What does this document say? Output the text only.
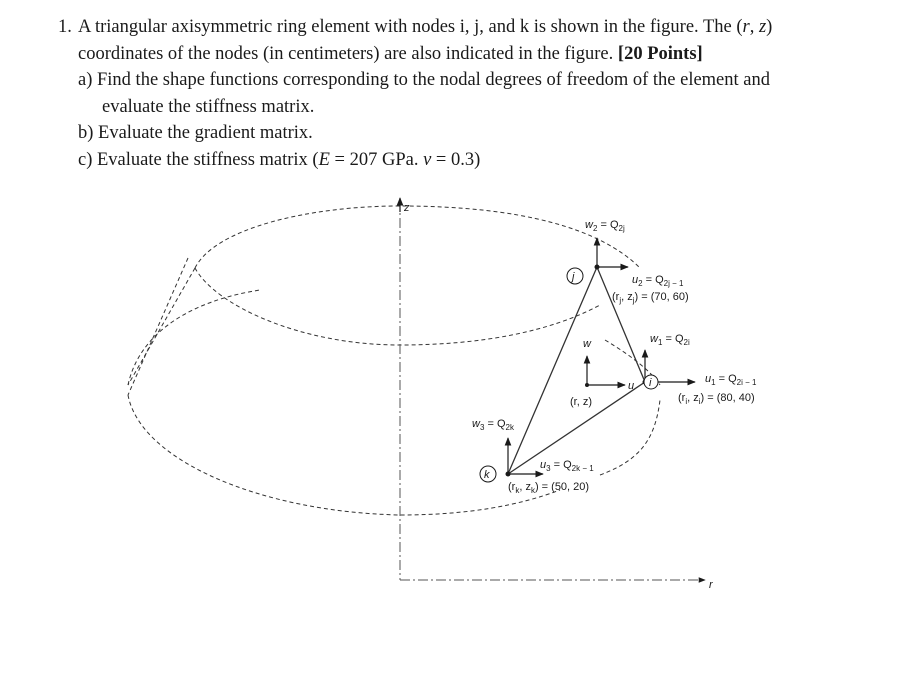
1. A triangular axisymmetric ring element with nodes i, j, and k is shown in the figure. The (r, z)
coordinates of the nodes (in centimeters) are also indicated in the figure. [20 Points]
a) Find the shape functions corresponding to the nodal degrees of freedom of the element and
evaluate the stiffness matrix.
b) Evaluate the gradient matrix.
c) Evaluate the stiffness matrix (E = 207 GPa. v = 0.3)
z
r
j
i
k
$w_2 = Q_{2j}$
$u_2 = Q_{2j - 1}$
($r_j$, $z_j) = (70$, 60)
$w_1 = Q_{2i}$
$u_1 = Q_{2i - 1}$
($r_i$, $z_i) = (80$, 40)
$w_3 = Q_{2k}$
$u_3 = Q_{2k - 1}$
($r_k$, $z_k) = (50$, 20)
w
u
(r, z)
